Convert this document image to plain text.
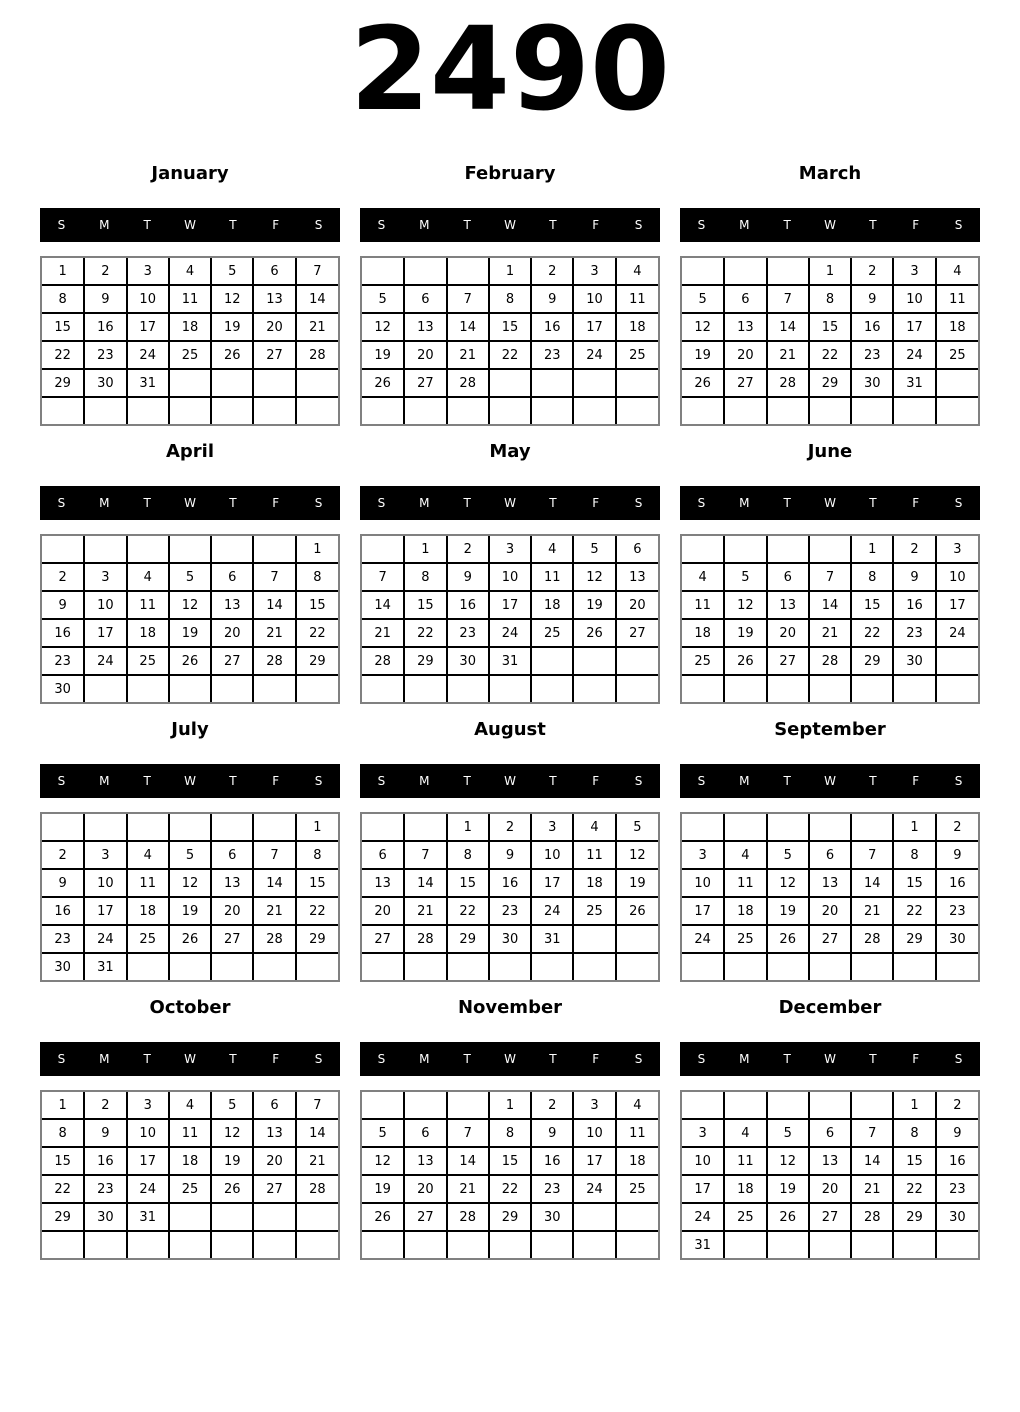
2490
January
S	M	T	W	T	F	S
1	2	3	4	5	6	7
8	9	10	11	12	13	14
15	16	17	18	19	20	21
22	23	24	25	26	27	28
29	30	31				

February
S	M	T	W	T	F	S
			1	2	3	4
5	6	7	8	9	10	11
12	13	14	15	16	17	18
19	20	21	22	23	24	25
26	27	28				

March
S	M	T	W	T	F	S
			1	2	3	4
5	6	7	8	9	10	11
12	13	14	15	16	17	18
19	20	21	22	23	24	25
26	27	28	29	30	31	

April
S	M	T	W	T	F	S
						1
2	3	4	5	6	7	8
9	10	11	12	13	14	15
16	17	18	19	20	21	22
23	24	25	26	27	28	29
30						
May
S	M	T	W	T	F	S
	1	2	3	4	5	6
7	8	9	10	11	12	13
14	15	16	17	18	19	20
21	22	23	24	25	26	27
28	29	30	31			

June
S	M	T	W	T	F	S
				1	2	3
4	5	6	7	8	9	10
11	12	13	14	15	16	17
18	19	20	21	22	23	24
25	26	27	28	29	30	

July
S	M	T	W	T	F	S
						1
2	3	4	5	6	7	8
9	10	11	12	13	14	15
16	17	18	19	20	21	22
23	24	25	26	27	28	29
30	31					
August
S	M	T	W	T	F	S
		1	2	3	4	5
6	7	8	9	10	11	12
13	14	15	16	17	18	19
20	21	22	23	24	25	26
27	28	29	30	31		

September
S	M	T	W	T	F	S
					1	2
3	4	5	6	7	8	9
10	11	12	13	14	15	16
17	18	19	20	21	22	23
24	25	26	27	28	29	30

October
S	M	T	W	T	F	S
1	2	3	4	5	6	7
8	9	10	11	12	13	14
15	16	17	18	19	20	21
22	23	24	25	26	27	28
29	30	31				

November
S	M	T	W	T	F	S
			1	2	3	4
5	6	7	8	9	10	11
12	13	14	15	16	17	18
19	20	21	22	23	24	25
26	27	28	29	30		

December
S	M	T	W	T	F	S
					1	2
3	4	5	6	7	8	9
10	11	12	13	14	15	16
17	18	19	20	21	22	23
24	25	26	27	28	29	30
31						
